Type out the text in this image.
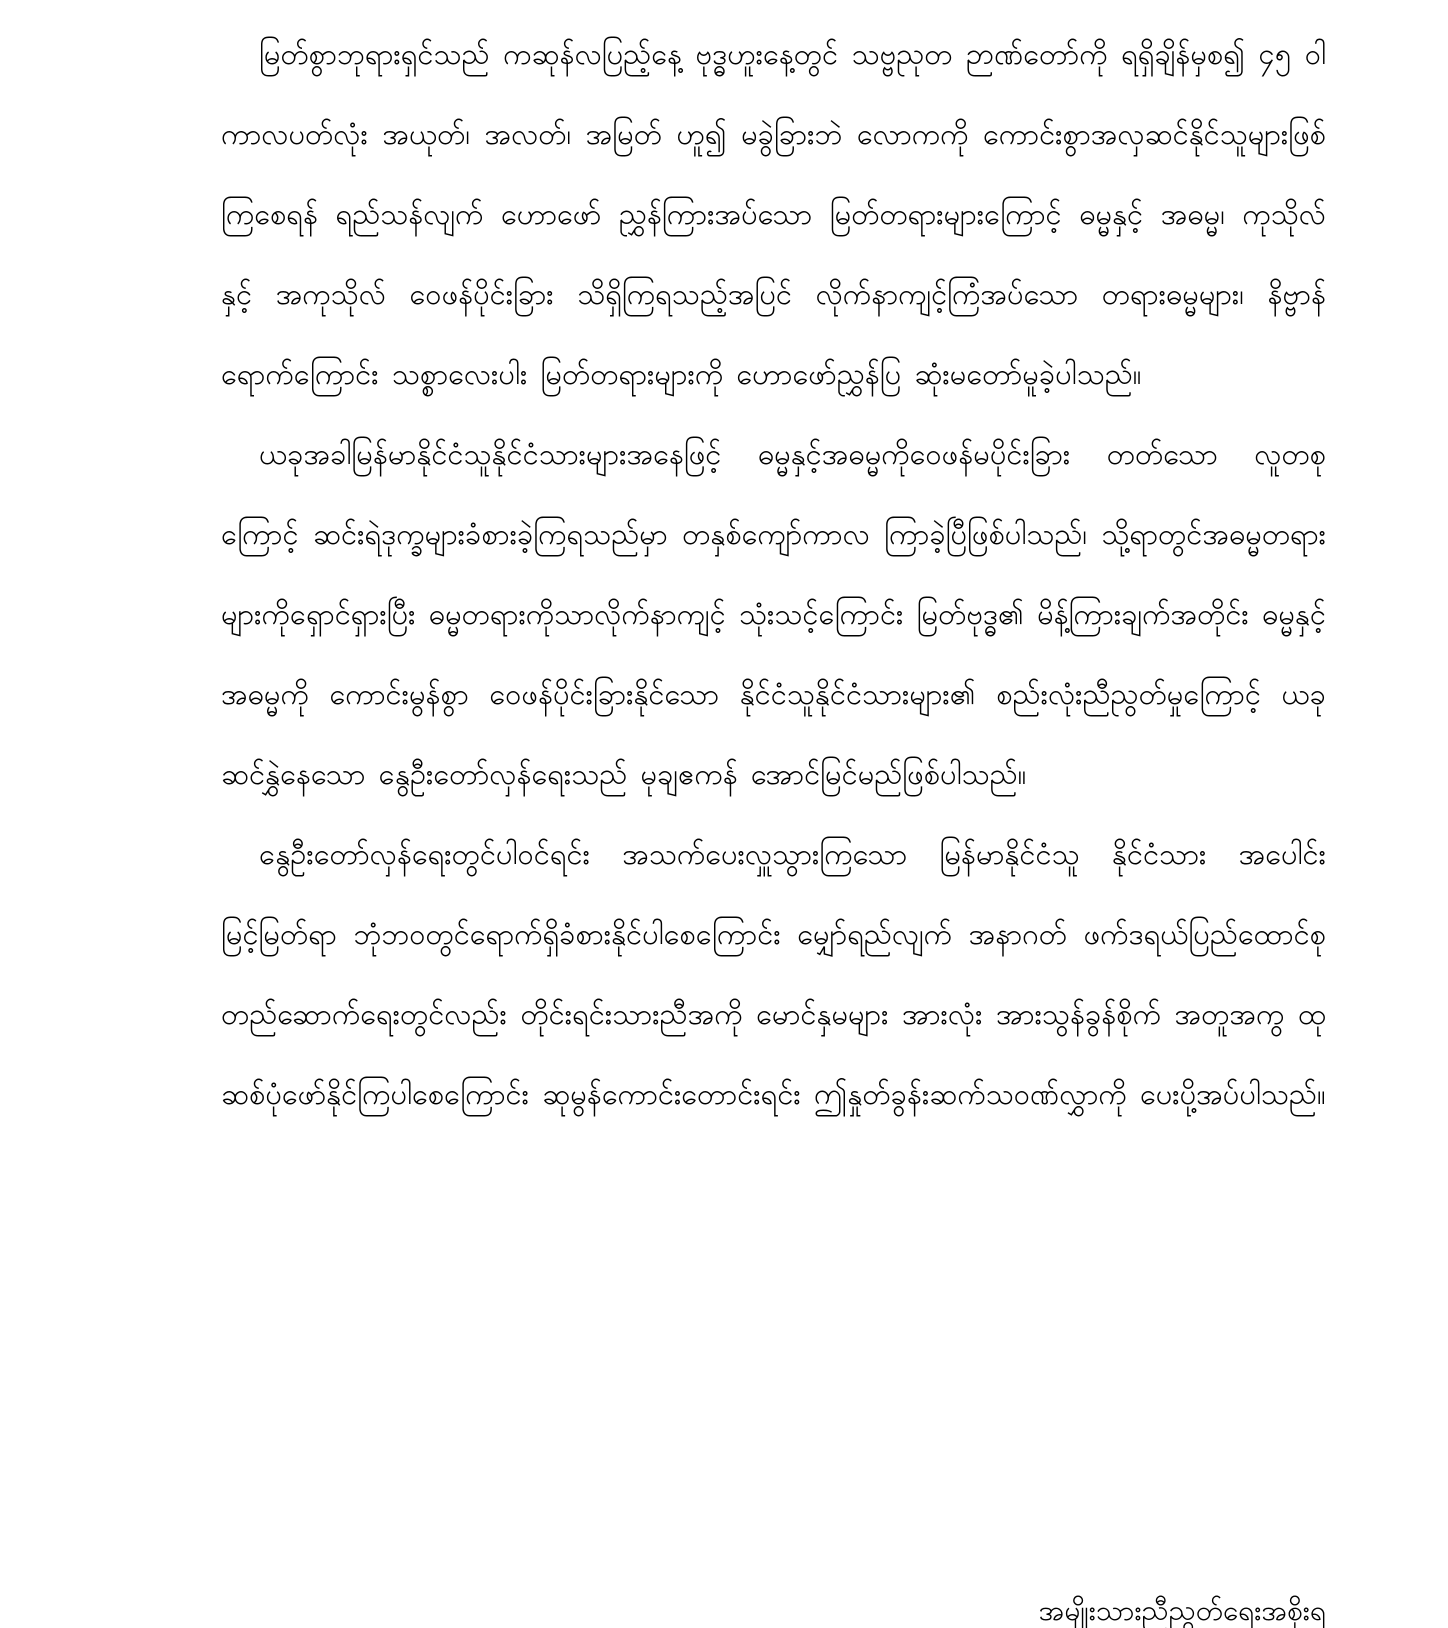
မြတ်စွာဘုရားရှင်သည် ကဆုန်လပြည့်နေ့ ဗုဒ္ဓဟူးနေ့တွင် သဗ္ဗညုတ ဉာဏ်တော်ကို ရရှိချိန်မှစ၍ ၄၅ ဝါကာလပတ်လုံး အယုတ်၊ အလတ်၊ အမြတ် ဟူ၍ မခွဲခြားဘဲ လောကကို ကောင်းစွာအလှဆင်နိုင်သူများဖြစ်ကြစေရန် ရည်သန်လျက် ဟောဖော် ညွှန်ကြားအပ်သော မြတ်တရားများကြောင့် ဓမ္မနှင့် အဓမ္မ၊ ကုသိုလ်နှင့် အကုသိုလ် ဝေဖန်ပိုင်းခြား သိရှိကြရသည့်အပြင် လိုက်နာကျင့်ကြံအပ်သော တရားဓမ္မများ၊ နိဗ္ဗာန်ရောက်ကြောင်း သစ္စာလေးပါး မြတ်တရားများကို ဟောဖော်ညွှန်ပြ ဆုံးမတော်မူခဲ့ပါသည်။

ယခုအခါမြန်မာနိုင်ငံသူနိုင်ငံသားများအနေဖြင့် ဓမ္မနှင့်အဓမ္မကိုဝေဖန်မပိုင်းခြား တတ်သော လူတစုကြောင့် ဆင်းရဲဒုက္ခများခံစားခဲ့ကြရသည်မှာ တနှစ်ကျော်ကာလ ကြာခဲ့ပြီဖြစ်ပါသည်၊ သို့ရာတွင်အဓမ္မတရားများကိုရှောင်ရှားပြီး ဓမ္မတရားကိုသာလိုက်နာကျင့် သုံးသင့်ကြောင်း မြတ်ဗုဒ္ဓ၏ မိန့်ကြားချက်အတိုင်း ဓမ္မနှင့် အဓမ္မကို ကောင်းမွန်စွာ ဝေဖန်ပိုင်းခြားနိုင်သော နိုင်ငံသူနိုင်ငံသားများ၏ စည်းလုံးညီညွတ်မှုကြောင့် ယခုဆင်နွှဲနေသော နွေဦးတော်လှန်ရေးသည် မုချဧကန် အောင်မြင်မည်ဖြစ်ပါသည်။

နွေဦးတော်လှန်ရေးတွင်ပါဝင်ရင်း အသက်ပေးလှူသွားကြသော မြန်မာနိုင်ငံသူ နိုင်ငံသား အပေါင်း မြင့်မြတ်ရာ ဘုံဘဝတွင်ရောက်ရှိခံစားနိုင်ပါစေကြောင်း မျှော်ရည်လျက် အနာဂတ် ဖက်ဒရယ်ပြည်ထောင်စု တည်ဆောက်ရေးတွင်လည်း တိုင်းရင်းသားညီအကို မောင်နှမများ အားလုံး အားသွန်ခွန်စိုက် အတူအကွ ထုဆစ်ပုံဖော်နိုင်ကြပါစေကြောင်း ဆုမွန်ကောင်းတောင်းရင်း ဤနှုတ်ခွန်းဆက်သဝဏ်လွှာကို ပေးပို့အပ်ပါသည်။

အမျိုးသားညီညွတ်ရေးအစိုးရ
